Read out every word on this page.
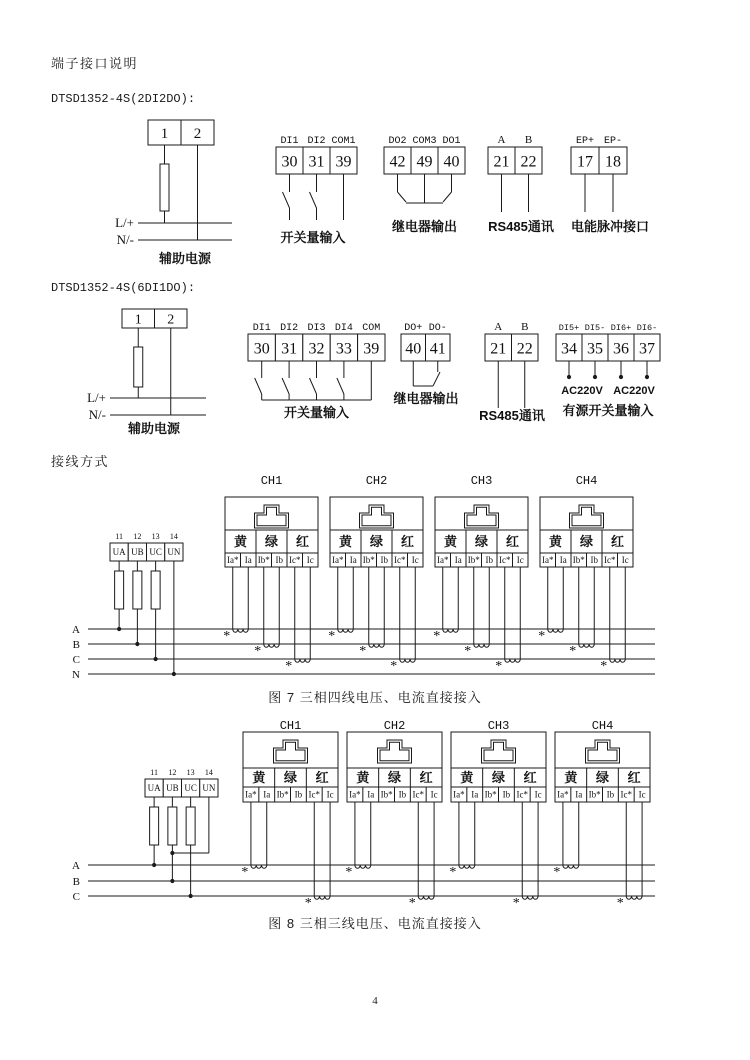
端子接口说明
DTSD1352-4S(2DI2DO):
DTSD1352-4S(6DI1DO):
接线方式
图 7 三相四线电压、电流直接接入
图 8 三相三线电压、电流直接接入
4
1 2
L/+
N/-
辅助电源
DI1 DI2 COM1
30 31 39
开关量输入
DO2 COM3 DO1
42 49 40
继电器输出
A B
21 22
RS485通讯
EP+ EP-
17 18
电能脉冲接口
1 2
L/+
N/-
辅助电源
DI1 DI2 DI3 DI4 COM
30 31 32 33 39
开关量输入
DO+ DO-
40 41
继电器输出
A B
21 22
RS485通讯
DI5+ DI5- DI6+ DI6-
34 35 36 37
AC220V AC220V
有源开关量输入
A
B
C
N
11 12 13 14
UA UB UC UN
CH1
黄 绿 红
Ia* Ia Ib* Ib Ic* Ic
*
*
*
CH2
黄 绿 红
Ia* Ia Ib* Ib Ic* Ic
*
*
*
CH3
黄 绿 红
Ia* Ia Ib* Ib Ic* Ic
*
*
*
CH4
黄 绿 红
Ia* Ia Ib* Ib Ic* Ic
*
*
*
A
B
C
11 12 13 14
UA UB UC UN
CH1
黄 绿 红
Ia* Ia Ib* Ib Ic* Ic
*
*
CH2
黄 绿 红
Ia* Ia Ib* Ib Ic* Ic
*
*
CH3
黄 绿 红
Ia* Ia Ib* Ib Ic* Ic
*
*
CH4
黄 绿 红
Ia* Ia Ib* Ib Ic* Ic
*
*
